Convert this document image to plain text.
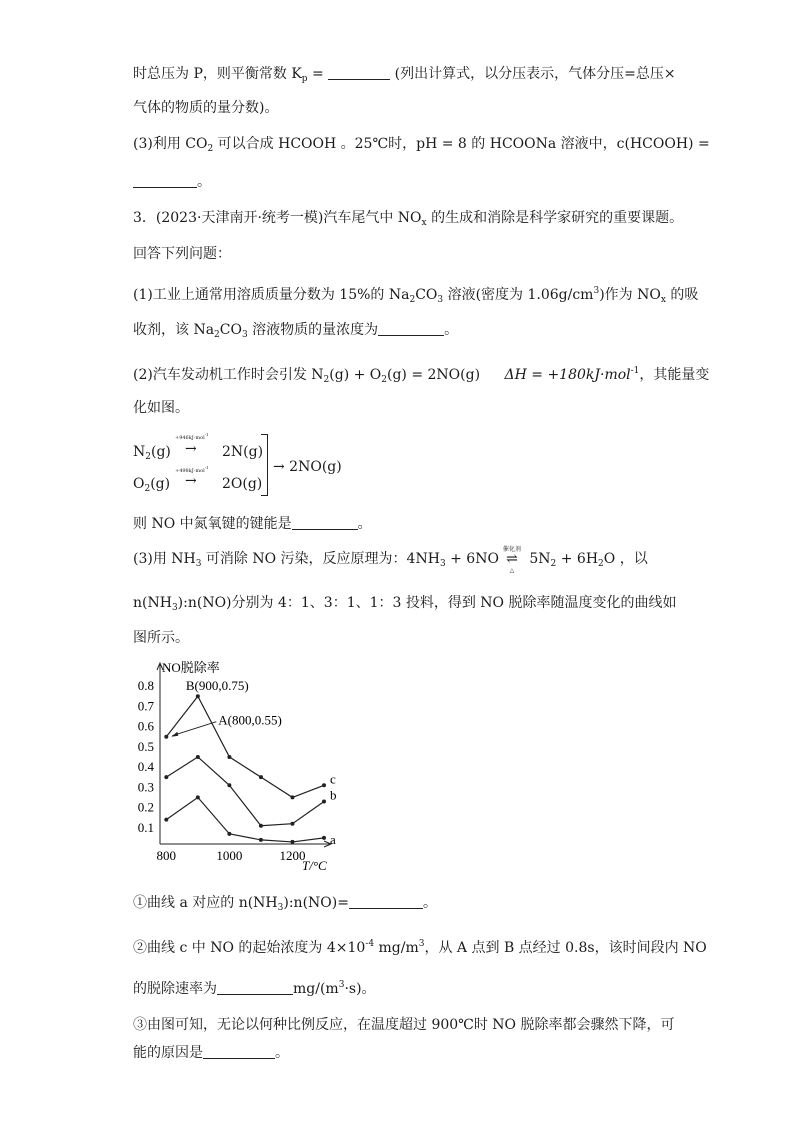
时总压为 P，则平衡常数 $K_p$ =	(列出计算式，以分压表示，气体分压=总压×
气体的物质的量分数)。
(3)利用 $CO_2$ 可以合成 HCOOH 。25℃时，pH = 8 的 HCOONa 溶液中，c(HCOOH) =
。
3．(2023·天津南开·统考一模)汽车尾气中 $NO_x$ 的生成和消除是科学家研究的重要课题。
回答下列问题：
(1)工业上通常用溶质质量分数为 15%的 $Na_2CO_3$ 溶液(密度为 $1.06g/cm^3$)作为 $NO_x$ 的吸
收剂，该 $Na_2CO_3$ 溶液物质的量浓度为	。
(2)汽车发动机工作时会引发 $N_2(g) + O_2(g) = 2NO(g) \Delta H = +180kJ\cdot mol^{-1}$，其能量变
化如图。
$N_2(g)$
+946kJ·mol$^{-1}$
→ 2N(g)
$O_2(g)$
+498kJ·mol$^{-1}$
→ 2O(g)
→ 2NO(g)
则 NO 中氮氧键的键能是	。
(3)用 $NH_3$ 可消除 NO 污染，反应原理为：$4NH_3 + 6NO$
催化剂
⇌
△
$5N_2 + 6H_2O$ ，以
$n(NH_3):n(NO)$分别为 4：1、3：1、1：3 投料，得到 NO 脱除率随温度变化的曲线如
图所示。
NO脱除率
T/°C
0.1
0.2
0.3
0.4
0.5
0.6
0.7
0.8
800	1000	1200
a
b
c
B(900,0.75)
A(800,0.55)
①曲线 a 对应的 $n(NH_3):n(NO)=$	。
②曲线 c 中 NO 的起始浓度为 $4\times 10^{-4}$ $mg/m^3$，从 A 点到 B 点经过 0.8s，该时间段内 NO
的脱除速率为	$mg/(m^3\cdot s)$。
③由图可知，无论以何种比例反应，在温度超过 900℃时 NO 脱除率都会骤然下降，可
能的原因是	。
